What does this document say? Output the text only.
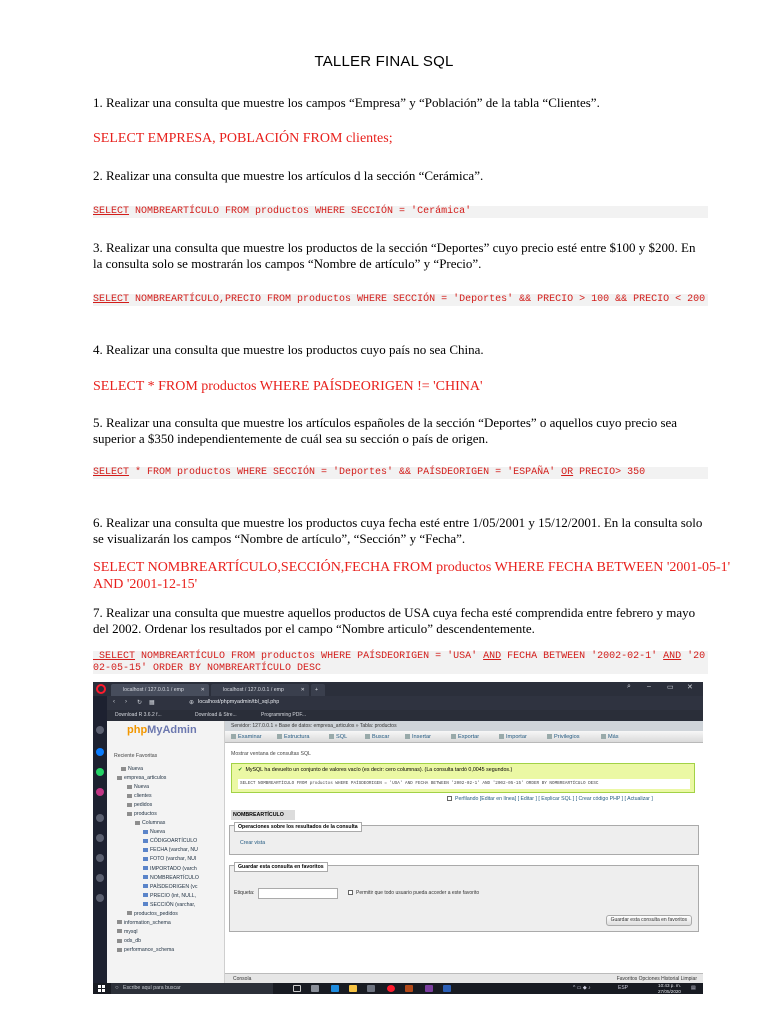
TALLER FINAL SQL
1. Realizar una consulta que muestre los campos “Empresa” y “Población” de la tabla “Clientes”.
SELECT EMPRESA, POBLACIÓN FROM clientes;
2. Realizar una consulta que muestre los artículos d la sección “Cerámica”.
SELECT NOMBREARTÍCULO FROM productos WHERE SECCIÓN = 'Cerámica'
3. Realizar una consulta que muestre los productos de la sección “Deportes” cuyo precio esté entre $100 y $200. En la consulta solo se mostrarán los campos “Nombre de artículo” y “Precio”.
SELECT NOMBREARTÍCULO,PRECIO FROM productos WHERE SECCIÓN = 'Deportes' && PRECIO > 100 && PRECIO < 200
4. Realizar una consulta que muestre los productos cuyo país no sea China.
SELECT * FROM productos WHERE PAÍSDEORIGEN != 'CHINA'
5. Realizar una consulta que muestre los artículos españoles de la sección “Deportes” o aquellos cuyo precio sea superior a $350 independientemente de cuál sea su sección o país de origen.
SELECT * FROM productos WHERE SECCIÓN = 'Deportes' && PAÍSDEORIGEN = 'ESPAÑA' OR PRECIO> 350
6. Realizar una consulta que muestre los productos cuya fecha esté entre 1/05/2001 y 15/12/2001. En la consulta solo se visualizarán los campos “Nombre de artículo”, “Sección” y “Fecha”.
SELECT NOMBREARTÍCULO,SECCIÓN,FECHA FROM productos WHERE FECHA BETWEEN '2001-05-1' AND '2001-12-15'
7. Realizar una consulta que muestre aquellos productos de USA cuya fecha esté comprendida entre febrero y mayo del 2002. Ordenar los resultados por el campo “Nombre articulo” descendentemente.
SELECT NOMBREARTÍCULO FROM productos WHERE PAÍSDEORIGEN = 'USA' AND FECHA BETWEEN '2002-02-1' AND '2002-05-15' ORDER BY NOMBREARTÍCULO DESC
localhost / 127.0.0.1 / emp	✕	localhost / 127.0.0.1 / emp	✕	+	⌕ – ▭ ✕
‹ › ↻ ▦	⊕ localhost/phpmyadmin/tbl_sql.php
Download R 3.6.2 f...	Download & Stre...	Programming PDF...
phpMyAdmin
Reciente Favoritas
Nueva
empresa_articulos
Nueva
clientes
pedidos
productos
Columnas
Nueva
CÓDIGOARTÍCULO
FECHA (varchar, NU
FOTO (varchar, NUI
IMPORTADO (varch
NOMBREARTÍCULO
PAÍSDEORIGEN (vc
PRECIO (int, NULL,
SECCIÓN (varchar,
productos_pedidos
information_schema
mysql
ods_db
performance_schema
Servidor: 127.0.0.1 » Base de datos: empresa_articulos » Tabla: productos
Examinar	Estructura	SQL	Buscar	Insertar	Exportar	Importar	Privilegios	Más
Mostrar ventana de consultas SQL
✔ MySQL ha devuelto un conjunto de valores vacío (es decir: cero columnas). (La consulta tardó 0,0045 segundos.)
SELECT NOMBREARTÍCULO FROM productos WHERE PAÍSDEORIGEN = 'USA' AND FECHA BETWEEN '2002-02-1' AND '2002-05-15' ORDER BY NOMBREARTÍCULO DESC
Perfilando [Editar en línea] [ Editar ] [ Explicar SQL ] [ Crear código PHP ] [ Actualizar ]
NOMBREARTÍCULO
Operaciones sobre los resultados de la consulta
Crear vista
Guardar esta consulta en favoritos
Etiqueta:	Permitir que todo usuario pueda acceder a este favorito
Guardar esta consulta en favoritos
Consola	Favoritos Opciones Historial Limpiar
○ Escribe aquí para buscar	^ ▭ ◆ ♪	ESP	10:43 p. m.
27/05/2020 ▤
